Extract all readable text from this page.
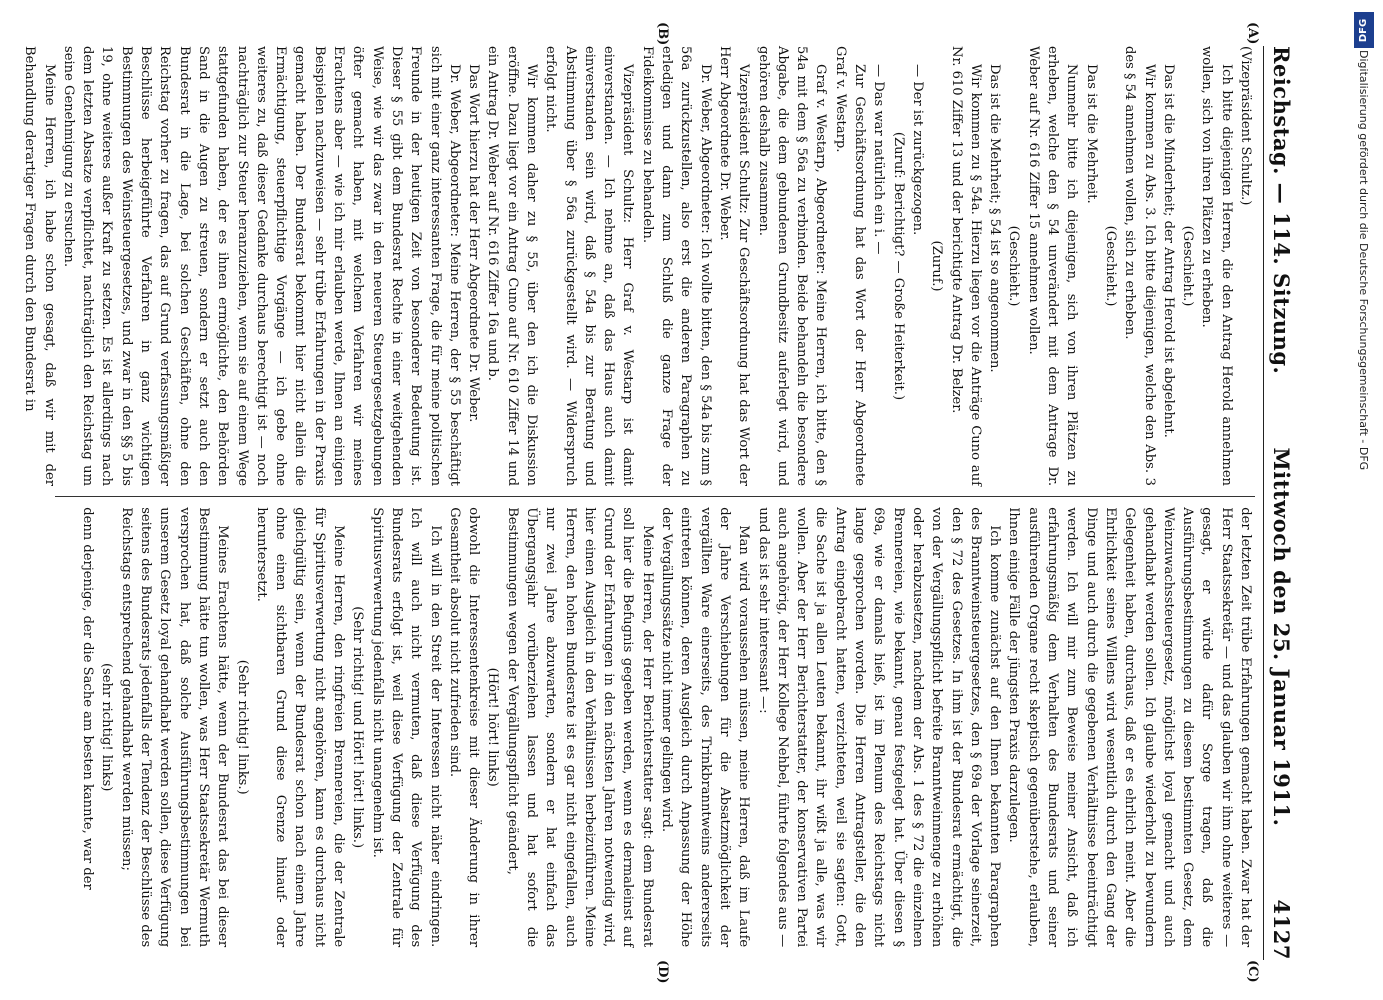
Reichstag. — 114. Sitzung.
Mittwoch den 25. Januar 1911.
4127
(A)
(B)
(C)
(D)

(Vizepräsident Schultz.)

Ich bitte diejenigen Herren, die den Antrag Herold annehmen wollen, sich von ihren Plätzen zu erheben.

(Geschieht.)

Das ist die Minderheit; der Antrag Herold ist abgelehnt.

Wir kommen zu Abs. 3. Ich bitte diejenigen, welche den Abs. 3 des § 54 annehmen wollen, sich zu erheben.

(Geschieht.)

Das ist die Mehrheit.

Nunmehr bitte ich diejenigen, sich von ihren Plätzen zu erheben, welche den § 54 unverändert mit dem Antrage Dr. Weber auf Nr. 616 Ziffer 15 annehmen wollen.

(Geschieht.)

Das ist die Mehrheit; § 54 ist so angenommen.

Wir kommen zu § 54a. Hierzu liegen vor die Anträge Cuno auf Nr. 610 Ziffer 13 und der berichtigte Antrag Dr. Belzer.

(Zuruf.)

— Der ist zurückgezogen.

(Zuruf: Berichtigt? — Große Heiterkeit.)

— Das war natürlich ein i. —

Zur Geschäftsordnung hat das Wort der Herr Abgeordnete Graf v. Westarp.

Graf v. Westarp, Abgeordneter: Meine Herren, ich bitte, den § 54a mit dem § 56a zu verbinden. Beide behandeln die besondere Abgabe, die dem gebundenen Grundbesitz auferlegt wird, und gehören deshalb zusammen.

Vizepräsident Schultz: Zur Geschäftsordnung hat das Wort der Herr Abgeordnete Dr. Weber.

Dr. Weber, Abgeordneter: Ich wollte bitten, den § 54a bis zum § 56a zurückzustellen, also erst die anderen Paragraphen zu erledigen und dann zum Schluß die ganze Frage der Fideikommisse zu behandeln.

Vizepräsident Schultz: Herr Graf v. Westarp ist damit einverstanden. — Ich nehme an, daß das Haus auch damit einverstanden sein wird, daß § 54a bis zur Beratung und Abstimmung über § 56a zurückgestellt wird. — Widerspruch erfolgt nicht.

Wir kommen daher zu § 55, über den ich die Diskussion eröffne. Dazu liegt vor ein Antrag Cuno auf Nr. 610 Ziffer 14 und ein Antrag Dr. Weber auf Nr. 616 Ziffer 16a und b.

Das Wort hierzu hat der Herr Abgeordnete Dr. Weber.

Dr. Weber, Abgeordneter: Meine Herren, der § 55 beschäftigt sich mit einer ganz interessanten Frage, die für meine politischen Freunde in der heutigen Zeit von besonderer Bedeutung ist. Dieser § 55 gibt dem Bundesrat Rechte in einer weitgehenden Weise, wie wir das zwar in den neueren Steuergesetzgebungen öfter gemacht haben, mit welchem Verfahren wir meines Erachtens aber — wie ich mir erlauben werde, Ihnen an einigen Beispielen nachzuweisen — sehr trübe Erfahrungen in der Praxis gemacht haben. Der Bundesrat bekommt hier nicht allein die Ermächtigung, steuerpflichtige Vorgänge — ich gebe ohne weiteres zu, daß dieser Gedanke durchaus berechtigt ist — noch nachträglich zur Steuer heranzuziehen, wenn sie auf einem Wege stattgefunden haben, der es ihnen ermöglichte, den Behörden Sand in die Augen zu streuen, sondern er setzt auch den Bundesrat in die Lage, bei solchen Geschäften, ohne den Reichstag vorher zu fragen, das auf Grund verfassungsmäßiger Beschlüsse herbeigeführte Verfahren in ganz wichtigen Bestimmungen des Weinsteuergesetzes, und zwar in den §§ 5 bis 19, ohne weiteres außer Kraft zu setzen. Es ist allerdings nach dem letzten Absatze verpflichtet, nachträglich den Reichstag um seine Genehmigung zu ersuchen.

Meine Herren, ich habe schon gesagt, daß wir mit der Behandlung derartiger Fragen durch den Bundesrat in

der letzten Zeit trübe Erfahrungen gemacht haben. Zwar hat der Herr Staatssekretär — und das glauben wir ihm ohne weiteres — gesagt, er würde dafür Sorge tragen, daß die Ausführungsbestimmungen zu diesem bestimmten Gesetz, dem Weinzuwachssteuergesetz, möglichst loyal gemacht und auch gehandhabt werden sollen. Ich glaube wiederholt zu bewundern Gelegenheit haben, durchaus, daß er es ehrlich meint. Aber die Ehrlichkeit seines Willens wird wesentlich durch den Gang der Dinge und auch durch die gegebenen Verhältnisse beeinträchtigt werden. Ich will mir zum Beweise meiner Ansicht, daß ich erfahrungsmäßig dem Verhalten des Bundesrats und seiner ausführenden Organe recht skeptisch gegenüberstehe, erlauben, Ihnen einige Fälle der jüngsten Praxis darzulegen.

Ich komme zunächst auf den Ihnen bekannten Paragraphen des Branntweinsteuergesetzes, den § 69a der Vorlage seinerzeit, den § 72 des Gesetzes. In ihm ist der Bundesrat ermächtigt, die von der Vergällungspflicht befreite Branntweinmenge zu erhöhen oder herabzusetzen, nachdem der Abs. 1 des § 72 die einzelnen Brennereien, wie bekannt, genau festgelegt hat. Über diesen § 69a, wie er damals hieß, ist im Plenum des Reichstags nicht lange gesprochen worden. Die Herren Antragsteller, die den Antrag eingebracht hatten, verzichteten, weil sie sagten: Gott, die Sache ist ja allen Leuten bekannt, ihr wißt ja alle, was wir wollen. Aber der Herr Berichterstatter, der konservativen Partei auch angehörig, der Herr Kollege Nehbel, führte folgendes aus — und das ist sehr interessant —:

Man wird voraussehen müssen, meine Herren, daß im Laufe der Jahre Verschiebungen für die Absatzmöglichkeit der vergällten Ware einerseits, des Trinkbranntweins andererseits eintreten können, deren Ausgleich durch Anpassung der Höhe der Vergällungssätze nicht immer gelingen wird.

Meine Herren, der Herr Berichterstatter sagt: dem Bundesrat soll hier die Befugnis gegeben werden, wenn es dermaleinst auf Grund der Erfahrungen in den nächsten Jahren notwendig wird, hier einen Ausgleich in den Verhältnissen herbeizuführen. Meine Herren, den hohen Bundesrate ist es gar nicht eingefallen, auch nur zwei Jahre abzuwarten, sondern er hat einfach das Übergangsjahr vorüberziehen lassen und hat sofort die Bestimmungen wegen der Vergällungspflicht geändert,

(Hört! hört! links)

obwohl die Interessentenkreise mit dieser Änderung in ihrer Gesamtheit absolut nicht zufrieden sind.

Ich will in den Streit der Interessen nicht näher eindringen. Ich will auch nicht vermuten, daß diese Verfügung des Bundesrats erfolgt ist, weil diese Verfügung der Zentrale für Spiritusverwertung jedenfalls nicht unangenehm ist.

(Sehr richtig! und Hört! hört! links.)

Meine Herren, den ringfreien Brennereien, die der Zentrale für Spiritusverwertung nicht angehören, kann es durchaus nicht gleichgültig sein, wenn der Bundesrat schon nach einem Jahre ohne einen sichtbaren Grund diese Grenze hinauf- oder heruntersetzt.

(Sehr richtig! links.)

Meines Erachtens hätte, wenn der Bundesrat das bei dieser Bestimmung hätte tun wollen, was Herr Staatssekretär Wermuth versprochen hat, daß solche Ausführungsbestimmungen bei unserem Gesetz loyal gehandhabt werden sollen, diese Verfügung seitens des Bundesrats jedenfalls der Tendenz der Beschlüsse des Reichstags entsprechend gehandhabt werden müssen;

(sehr richtig! links)

denn derjenige, der die Sache am besten kannte, war der

DFG
Digitalisierung gefördert durch die Deutsche Forschungsgemeinschaft - DFG
